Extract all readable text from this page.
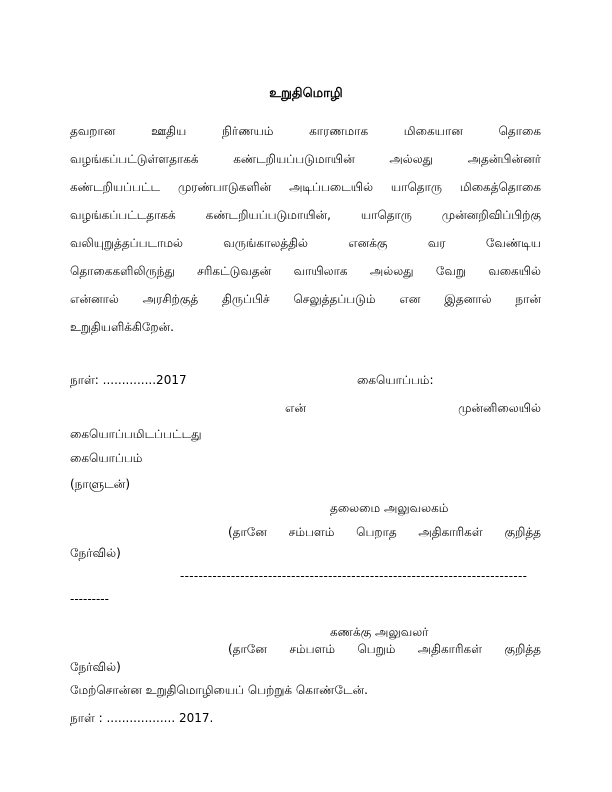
உறுதிமொழி
தவறான ஊதிய நிர்ணயம் காரணமாக மிகையான தொகை
வழங்கப்பட்டுள்ளதாகக் கண்டறியப்படுமாயின் அல்லது அதன்பின்னர்
கண்டறியப்பட்ட முரண்பாடுகளின் அடிப்படையில் யாதொரு மிகைத்தொகை
வழங்கப்பட்டதாகக் கண்டறியப்படுமாயின், யாதொரு முன்னறிவிப்பிற்கு
வலியுறுத்தப்படாமல் வருங்காலத்தில் எனக்கு வர வேண்டிய
தொகைகளிலிருந்து சரிகட்டுவதன் வாயிலாக அல்லது வேறு வகையில்
என்னால் அரசிற்குத் திருப்பிச் செலுத்தப்படும் என இதனால் நான்
உறுதியளிக்கிறேன்.
நாள்: ..............2017	கையொப்பம்:
என்	முன்னிலையில்
கையொப்பமிடப்பட்டது
கையொப்பம்
(நாளுடன்)
தலைமை அலுவலகம்
(தானே சம்பளம் பெறாத அதிகாரிகள் குறித்த
நேர்வில்)
---------------------------------------------------------------------------
---------
கணக்கு அலுவலர்
(தானே சம்பளம் பெறும் அதிகாரிகள் குறித்த
நேர்வில்)
மேற்சொன்ன உறுதிமொழியைப் பெற்றுக் கொண்டேன்.
நாள் : .................. 2017.
